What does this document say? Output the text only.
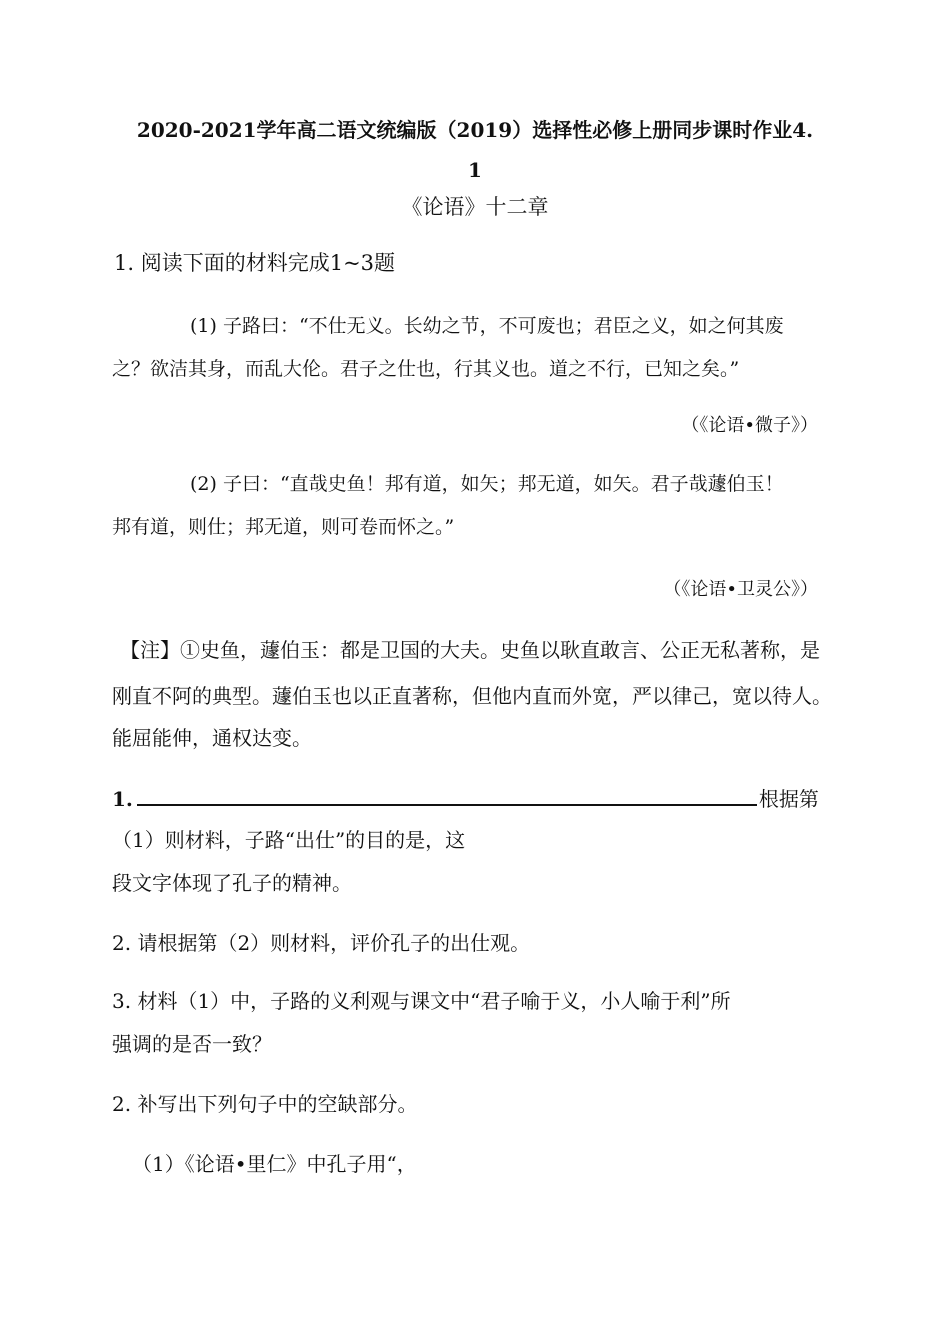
2020-2021学年高二语文统编版（2019）选择性必修上册同步课时作业4.
1
《论语》十二章
1. 阅读下面的材料完成1~3题
(1) 子路曰：“不仕无义。长幼之节，不可废也；君臣之义，如之何其废
之？欲洁其身，而乱大伦。君子之仕也，行其义也。道之不行，已知之矣。”
（《论语•微子》）
(2) 子曰：“直哉史鱼！邦有道，如矢；邦无道，如矢。君子哉蘧伯玉！
邦有道，则仕；邦无道，则可卷而怀之。”
（《论语•卫灵公》）
【注】①史鱼，蘧伯玉：都是卫国的大夫。史鱼以耿直敢言、公正无私著称，是
刚直不阿的典型。蘧伯玉也以正直著称，但他内直而外宽，严以律己，宽以待人。
能屈能伸，通权达变。
1.	根据第
（1）则材料，子路“出仕”的目的是，这
段文字体现了孔子的精神。
2. 请根据第（2）则材料，评价孔子的出仕观。
3. 材料（1）中，子路的义利观与课文中“君子喻于义，小人喻于利”所
强调的是否一致？
2. 补写出下列句子中的空缺部分。
（1）《论语•里仁》中孔子用“，
